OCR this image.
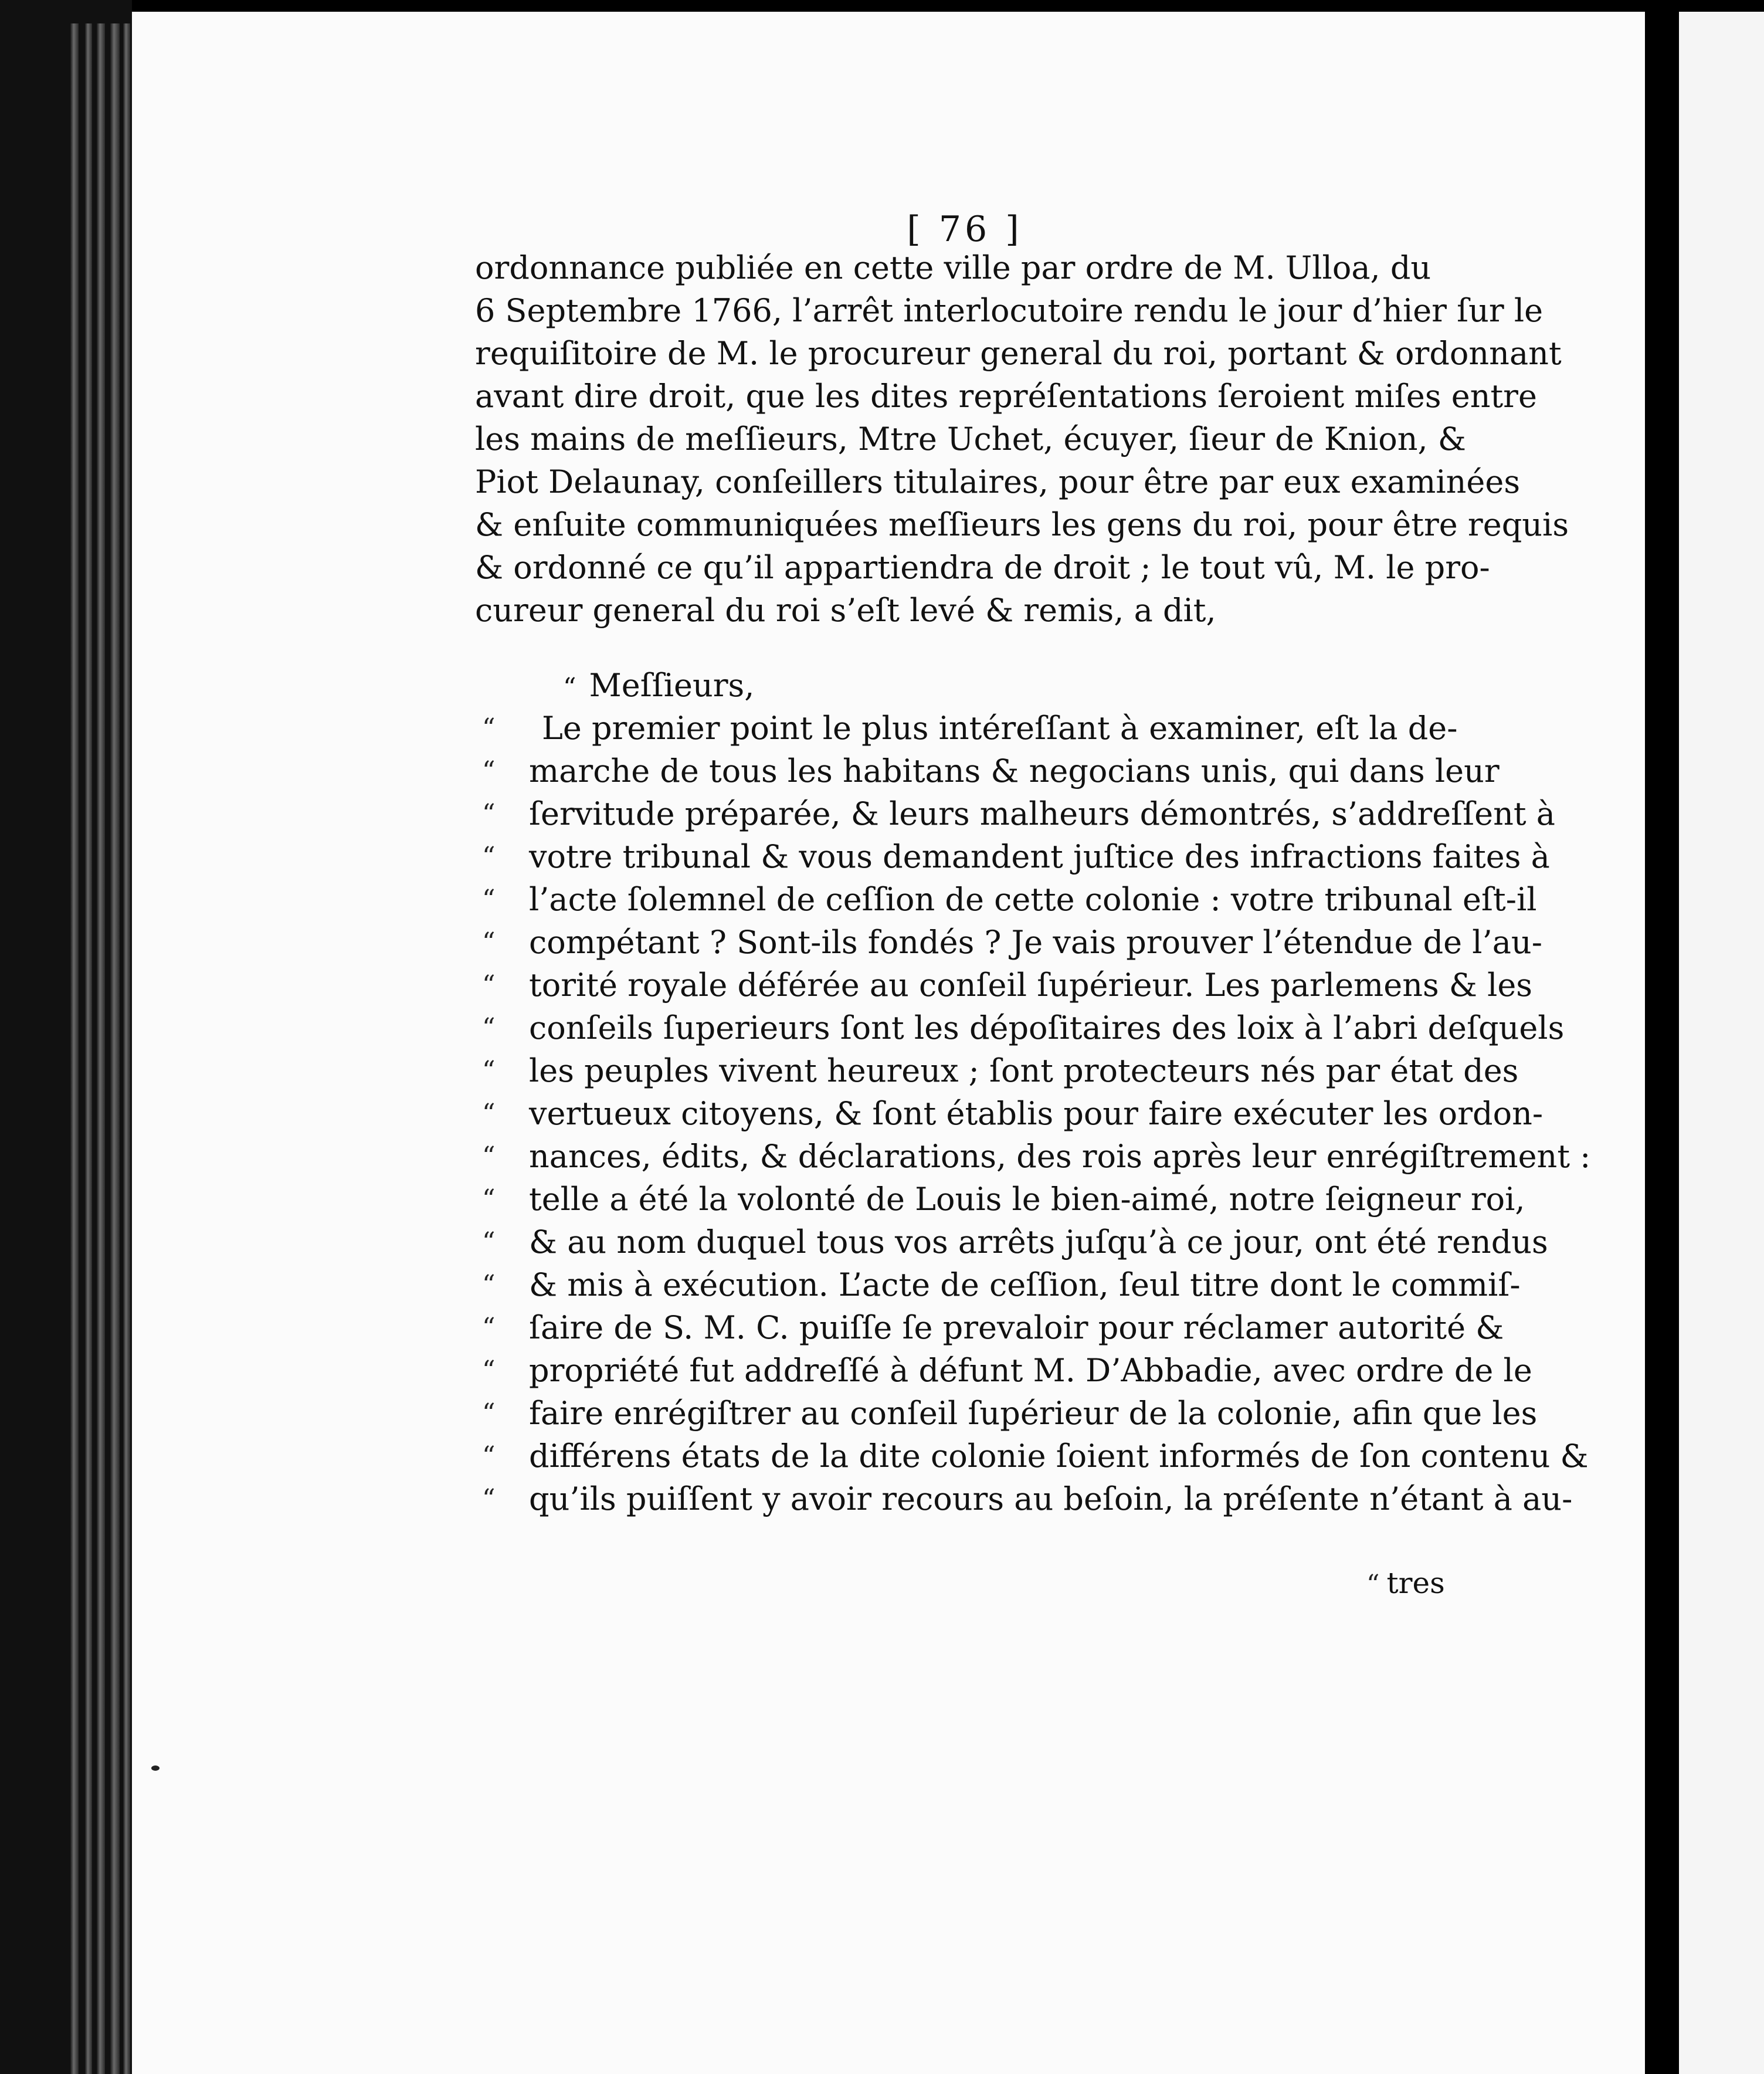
[ 76 ]
ordonnance publiée en cette ville par ordre de M. Ulloa, du
6 Septembre 1766, l’arrêt interlocutoire rendu le jour d’hier ſur le
requiſitoire de M. le procureur general du roi, portant & ordonnant
avant dire droit, que les dites repréſentations ſeroient miſes entre
les mains de meſſieurs, Mtre Uchet, écuyer, ſieur de Knion, &
Piot Delaunay, conſeillers titulaires, pour être par eux examinées
& enſuite communiquées meſſieurs les gens du roi, pour être requis
& ordonné ce qu’il appartiendra de droit ; le tout vû, M. le pro-
cureur general du roi s’eſt levé & remis, a dit,
“ Meſſieurs,
“ Le premier point le plus intéreſſant à examiner, eſt la de-
“ marche de tous les habitans & negocians unis, qui dans leur
“ ſervitude préparée, & leurs malheurs démontrés, s’addreſſent à
“ votre tribunal & vous demandent juſtice des infractions faites à
“ l’acte ſolemnel de ceſſion de cette colonie : votre tribunal eſt-il
“ compétant ? Sont-ils fondés ? Je vais prouver l’étendue de l’au-
“ torité royale déférée au conſeil ſupérieur. Les parlemens & les
“ conſeils ſuperieurs ſont les dépoſitaires des loix à l’abri deſquels
“ les peuples vivent heureux ; ſont protecteurs nés par état des
“ vertueux citoyens, & ſont établis pour faire exécuter les ordon-
“ nances, édits, & déclarations, des rois après leur enrégiſtrement :
“ telle a été la volonté de Louis le bien-aimé, notre ſeigneur roi,
“ & au nom duquel tous vos arrêts juſqu’à ce jour, ont été rendus
“ & mis à exécution. L’acte de ceſſion, ſeul titre dont le commiſ-
“ ſaire de S. M. C. puiſſe ſe prevaloir pour réclamer autorité &
“ propriété fut addreſſé à défunt M. D’Abbadie, avec ordre de le
“ faire enrégiſtrer au conſeil ſupérieur de la colonie, afin que les
“ différens états de la dite colonie ſoient informés de ſon contenu &
“ qu’ils puiſſent y avoir recours au beſoin, la préſente n’étant à au-
“ tres
